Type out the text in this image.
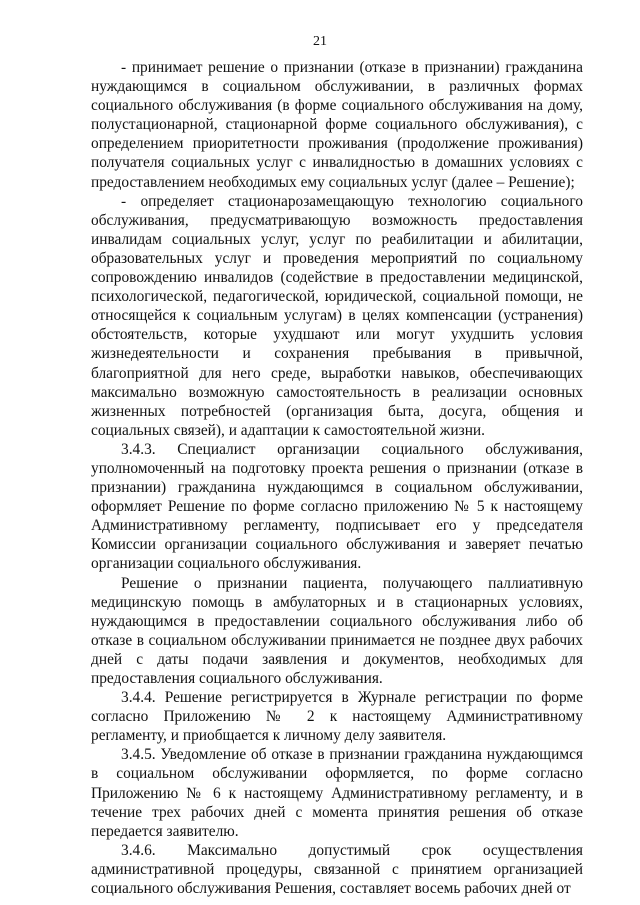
21

- принимает решение о признании (отказе в признании) гражданина нуждающимся в социальном обслуживании, в различных формах социального обслуживания (в форме социального обслуживания на дому, полустационарной, стационарной форме социального обслуживания), с определением приоритетности проживания (продолжение проживания) получателя социальных услуг с инвалидностью в домашних условиях с предоставлением необходимых ему социальных услуг (далее – Решение);

- определяет стационарозамещающую технологию социального обслуживания, предусматривающую возможность предоставления инвалидам социальных услуг, услуг по реабилитации и абилитации, образовательных услуг и проведения мероприятий по социальному сопровождению инвалидов (содействие в предоставлении медицинской, психологической, педагогической, юридической, социальной помощи, не относящейся к социальным услугам) в целях компенсации (устранения) обстоятельств, которые ухудшают или могут ухудшить условия жизнедеятельности и сохранения пребывания в привычной, благоприятной для него среде, выработки навыков, обеспечивающих максимально возможную самостоятельность в реализации основных жизненных потребностей (организация быта, досуга, общения и социальных связей), и адаптации к самостоятельной жизни.

3.4.3. Специалист организации социального обслуживания, уполномоченный на подготовку проекта решения о признании (отказе в признании) гражданина нуждающимся в социальном обслуживании, оформляет Решение по форме согласно приложению № 5 к настоящему Административному регламенту, подписывает его у председателя Комиссии организации социального обслуживания и заверяет печатью организации социального обслуживания.

Решение о признании пациента, получающего паллиативную медицинскую помощь в амбулаторных и в стационарных условиях, нуждающимся в предоставлении социального обслуживания либо об отказе в социальном обслуживании принимается не позднее двух рабочих дней с даты подачи заявления и документов, необходимых для предоставления социального обслуживания.

3.4.4. Решение регистрируется в Журнале регистрации по форме согласно Приложению № 2 к настоящему Административному регламенту, и приобщается к личному делу заявителя.

3.4.5. Уведомление об отказе в признании гражданина нуждающимся в социальном обслуживании оформляется, по форме согласно Приложению № 6 к настоящему Административному регламенту, и в течение трех рабочих дней с момента принятия решения об отказе передается заявителю.

3.4.6. Максимально допустимый срок осуществления административной процедуры, связанной с принятием организацией социального обслуживания Решения, составляет восемь рабочих дней от
